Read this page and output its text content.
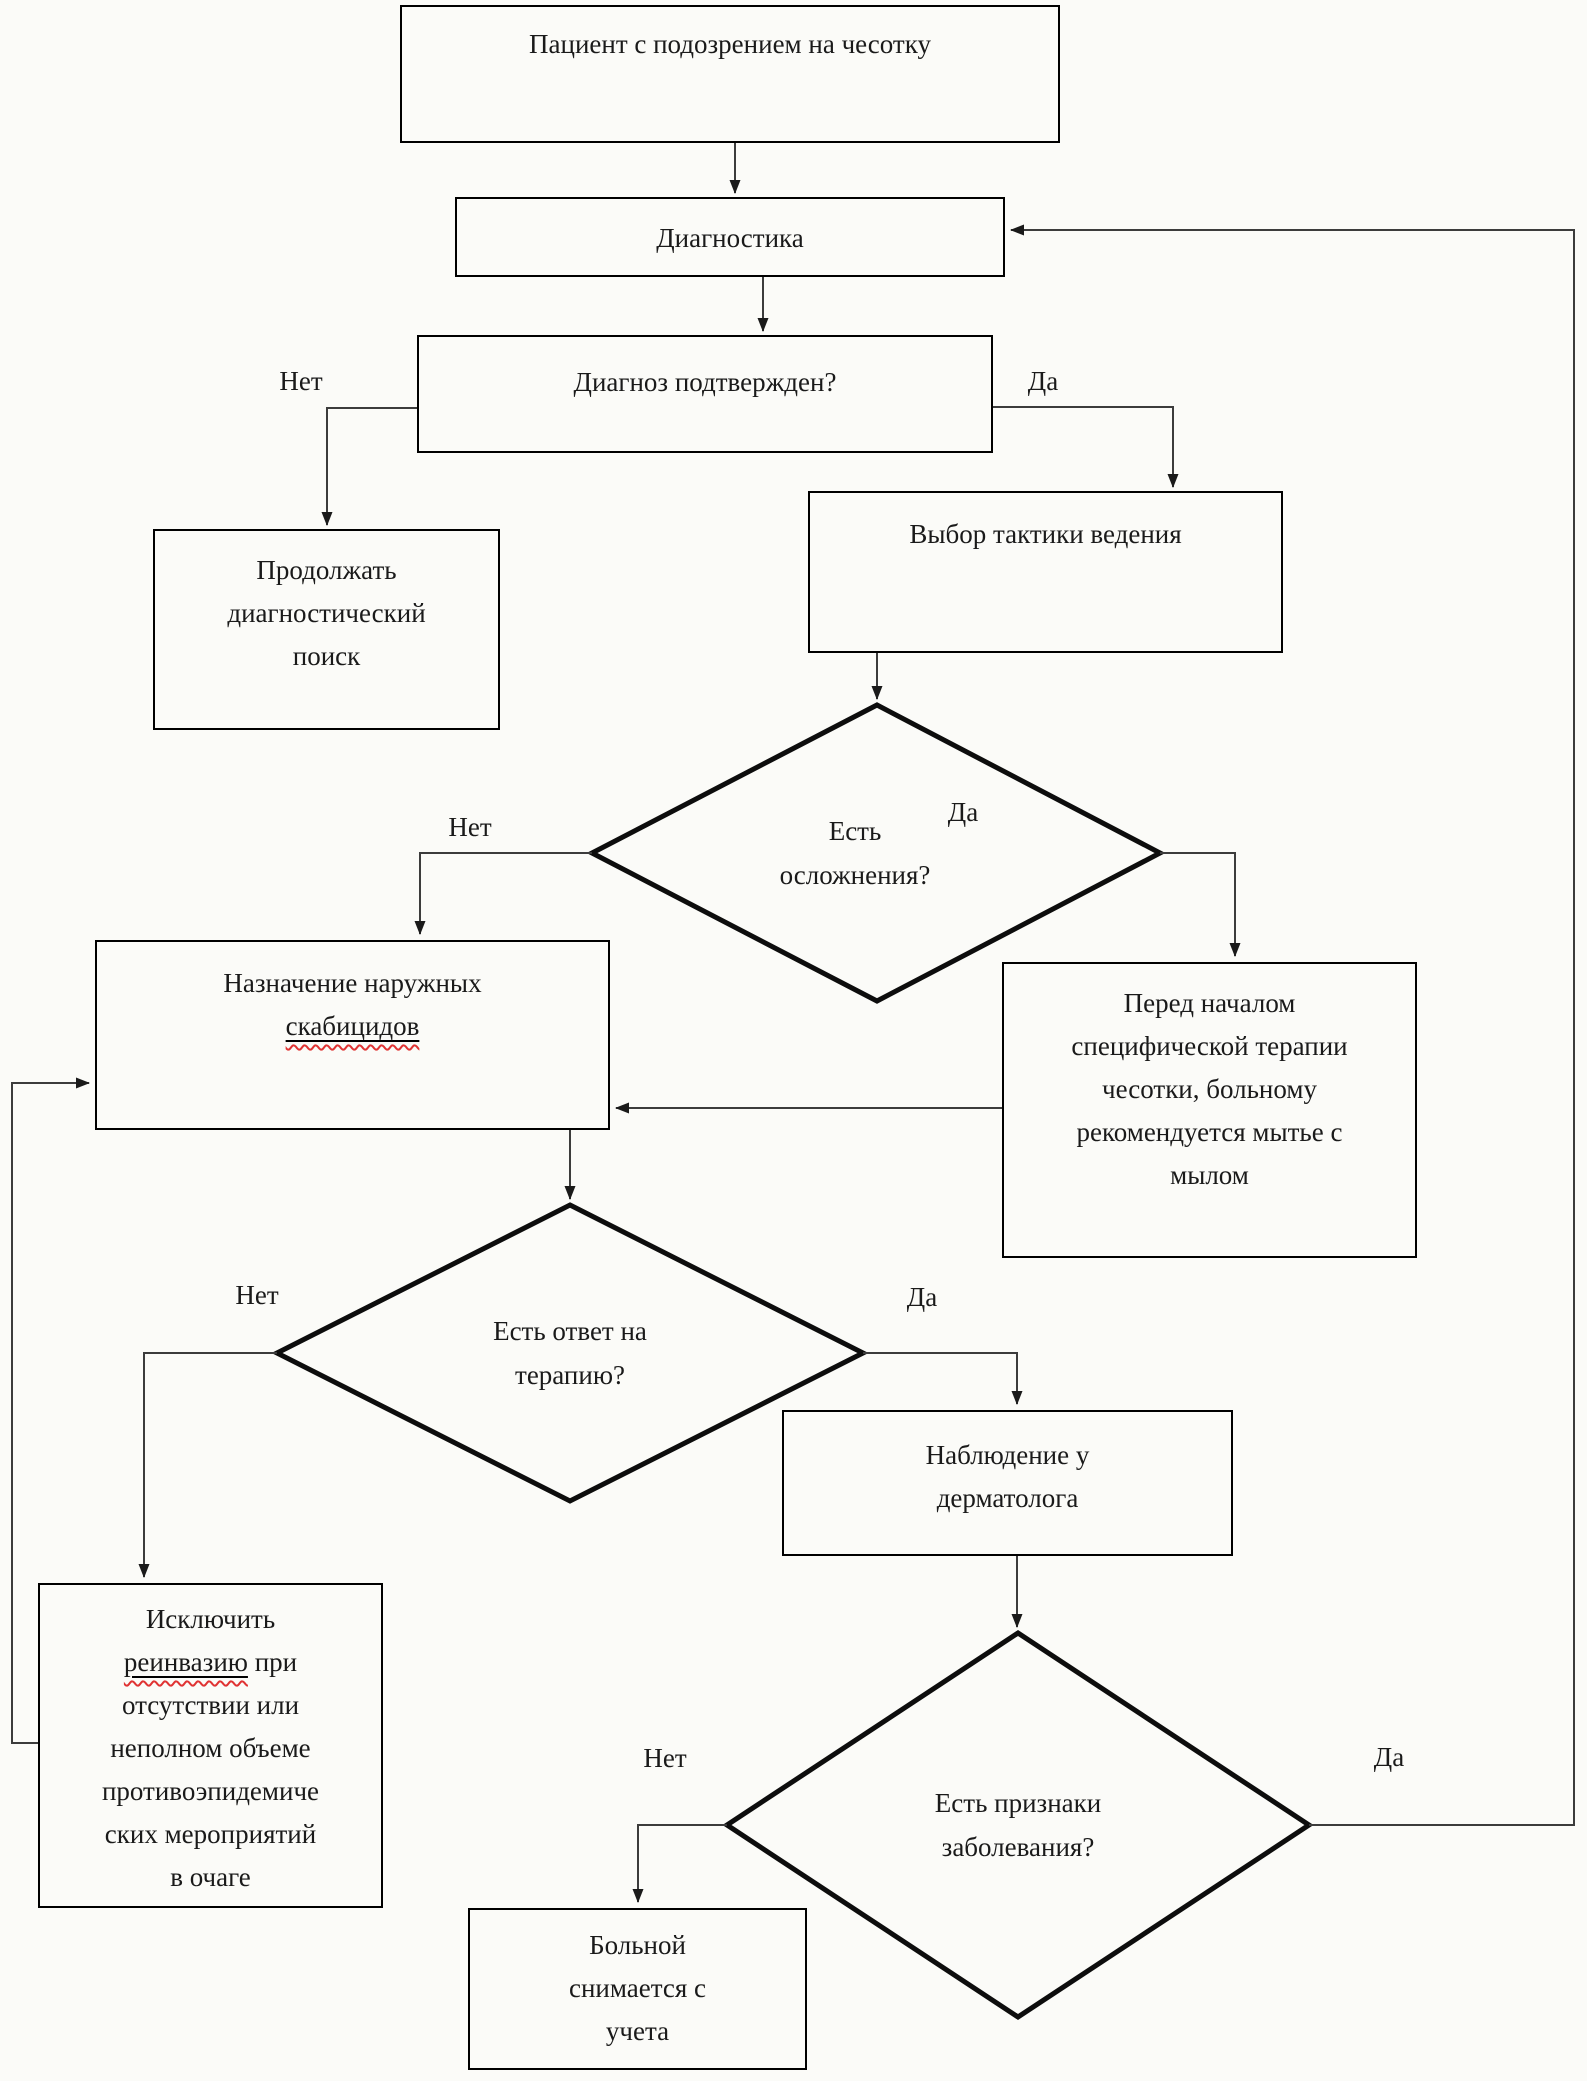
Пациент с подозрением на чесотку
Диагностика
Диагноз подтвержден?
Продолжать
диагностический
поиск
Выбор тактики ведения
Назначение наружных
скабицидов
Перед началом
специфической терапии
чесотки, больному
рекомендуется мытье с
мылом
Наблюдение у
дерматолога
Исключить
реинвазию при
отсутствии или
неполном объеме
противоэпидемиче
ских мероприятий
в очаге
Больной
снимается с
учета
Есть
осложнения?
Есть ответ на
терапию?
Есть признаки
заболевания?
Нет	Да
Нет	Да
Нет	Да
Нет	Да
